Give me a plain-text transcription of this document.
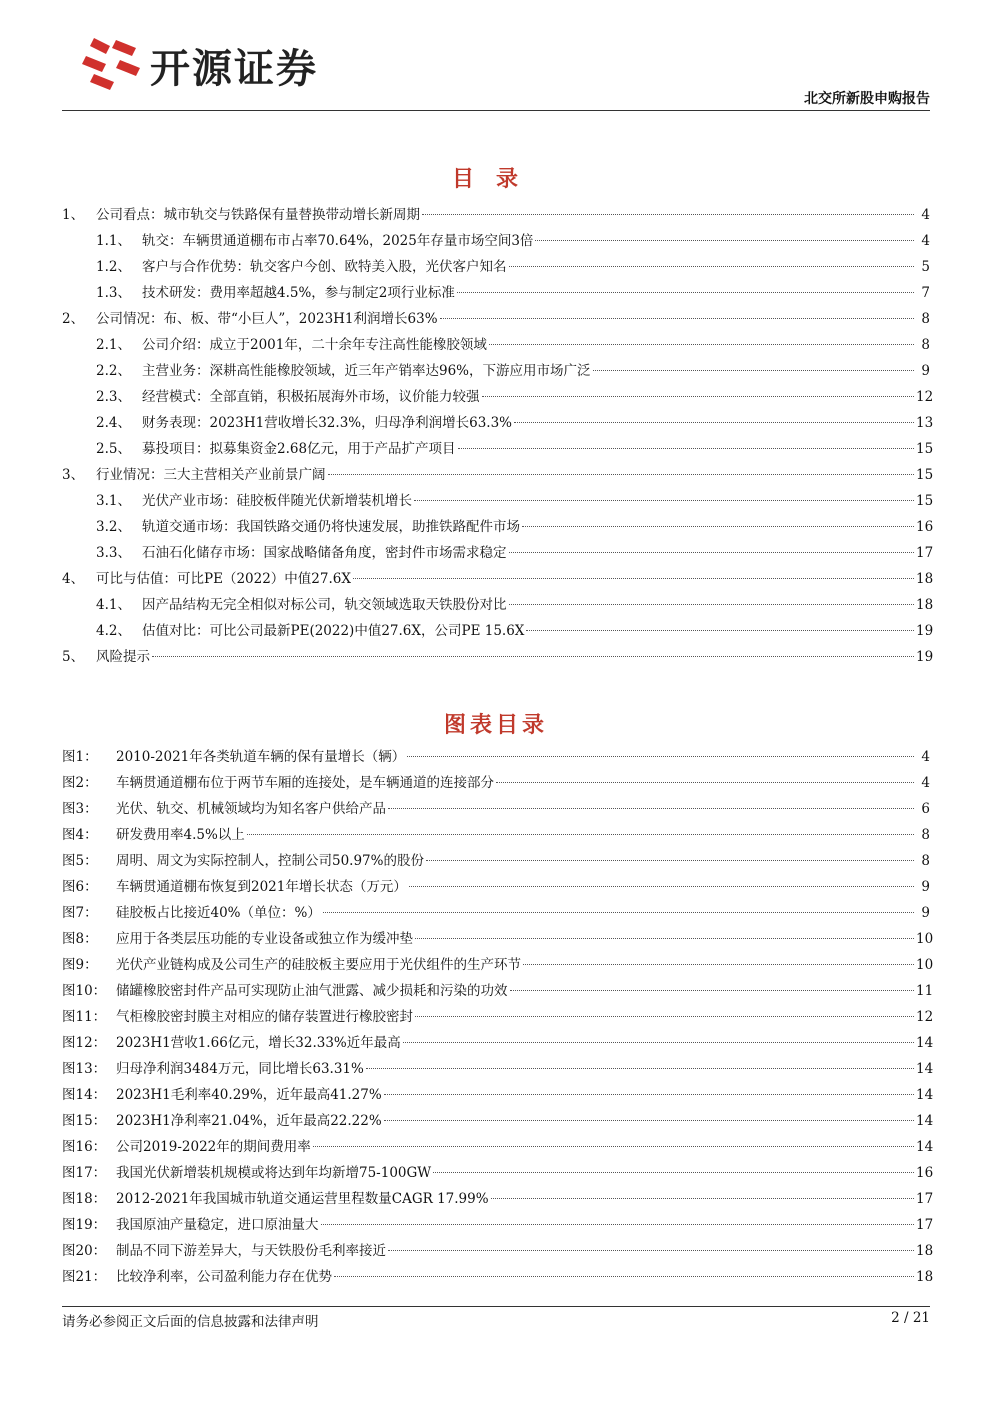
开源证券
北交所新股申购报告
目录
1、 公司看点：城市轨交与铁路保有量替换带动增长新周期	4
1.1、 轨交：车辆贯通道棚布市占率70.64%，2025年存量市场空间3倍	4
1.2、 客户与合作优势：轨交客户今创、欧特美入股，光伏客户知名	5
1.3、 技术研发：费用率超越4.5%，参与制定2项行业标准	7
2、 公司情况：布、板、带“小巨人”，2023H1利润增长63%	8
2.1、 公司介绍：成立于2001年，二十余年专注高性能橡胶领域	8
2.2、 主营业务：深耕高性能橡胶领域，近三年产销率达96%，下游应用市场广泛	9
2.3、 经营模式：全部直销，积极拓展海外市场，议价能力较强	12
2.4、 财务表现：2023H1营收增长32.3%，归母净利润增长63.3%	13
2.5、 募投项目：拟募集资金2.68亿元，用于产品扩产项目	15
3、 行业情况：三大主营相关产业前景广阔	15
3.1、 光伏产业市场：硅胶板伴随光伏新增装机增长	15
3.2、 轨道交通市场：我国铁路交通仍将快速发展，助推铁路配件市场	16
3.3、 石油石化储存市场：国家战略储备角度，密封件市场需求稳定	17
4、 可比与估值：可比PE（2022）中值27.6X	18
4.1、 因产品结构无完全相似对标公司，轨交领域选取天铁股份对比	18
4.2、 估值对比：可比公司最新PE(2022)中值27.6X，公司PE 15.6X	19
5、 风险提示	19
图表目录
图1：	2010-2021年各类轨道车辆的保有量增长（辆）	4
图2：	车辆贯通道棚布位于两节车厢的连接处，是车辆通道的连接部分	4
图3：	光伏、轨交、机械领域均为知名客户供给产品	6
图4：	研发费用率4.5%以上	8
图5：	周明、周文为实际控制人，控制公司50.97%的股份	8
图6：	车辆贯通道棚布恢复到2021年增长状态（万元）	9
图7：	硅胶板占比接近40%（单位：%）	9
图8：	应用于各类层压功能的专业设备或独立作为缓冲垫	10
图9：	光伏产业链构成及公司生产的硅胶板主要应用于光伏组件的生产环节	10
图10： 储罐橡胶密封件产品可实现防止油气泄露、减少损耗和污染的功效	11
图11： 气柜橡胶密封膜主对相应的储存装置进行橡胶密封	12
图12： 2023H1营收1.66亿元，增长32.33%近年最高	14
图13： 归母净利润3484万元，同比增长63.31%	14
图14： 2023H1毛利率40.29%，近年最高41.27%	14
图15： 2023H1净利率21.04%，近年最高22.22%	14
图16： 公司2019-2022年的期间费用率	14
图17： 我国光伏新增装机规模或将达到年均新增75-100GW	16
图18： 2012-2021年我国城市轨道交通运营里程数量CAGR 17.99%	17
图19： 我国原油产量稳定，进口原油量大	17
图20： 制品不同下游差异大，与天铁股份毛利率接近	18
图21： 比较净利率，公司盈利能力存在优势	18
请务必参阅正文后面的信息披露和法律声明	2 / 21
